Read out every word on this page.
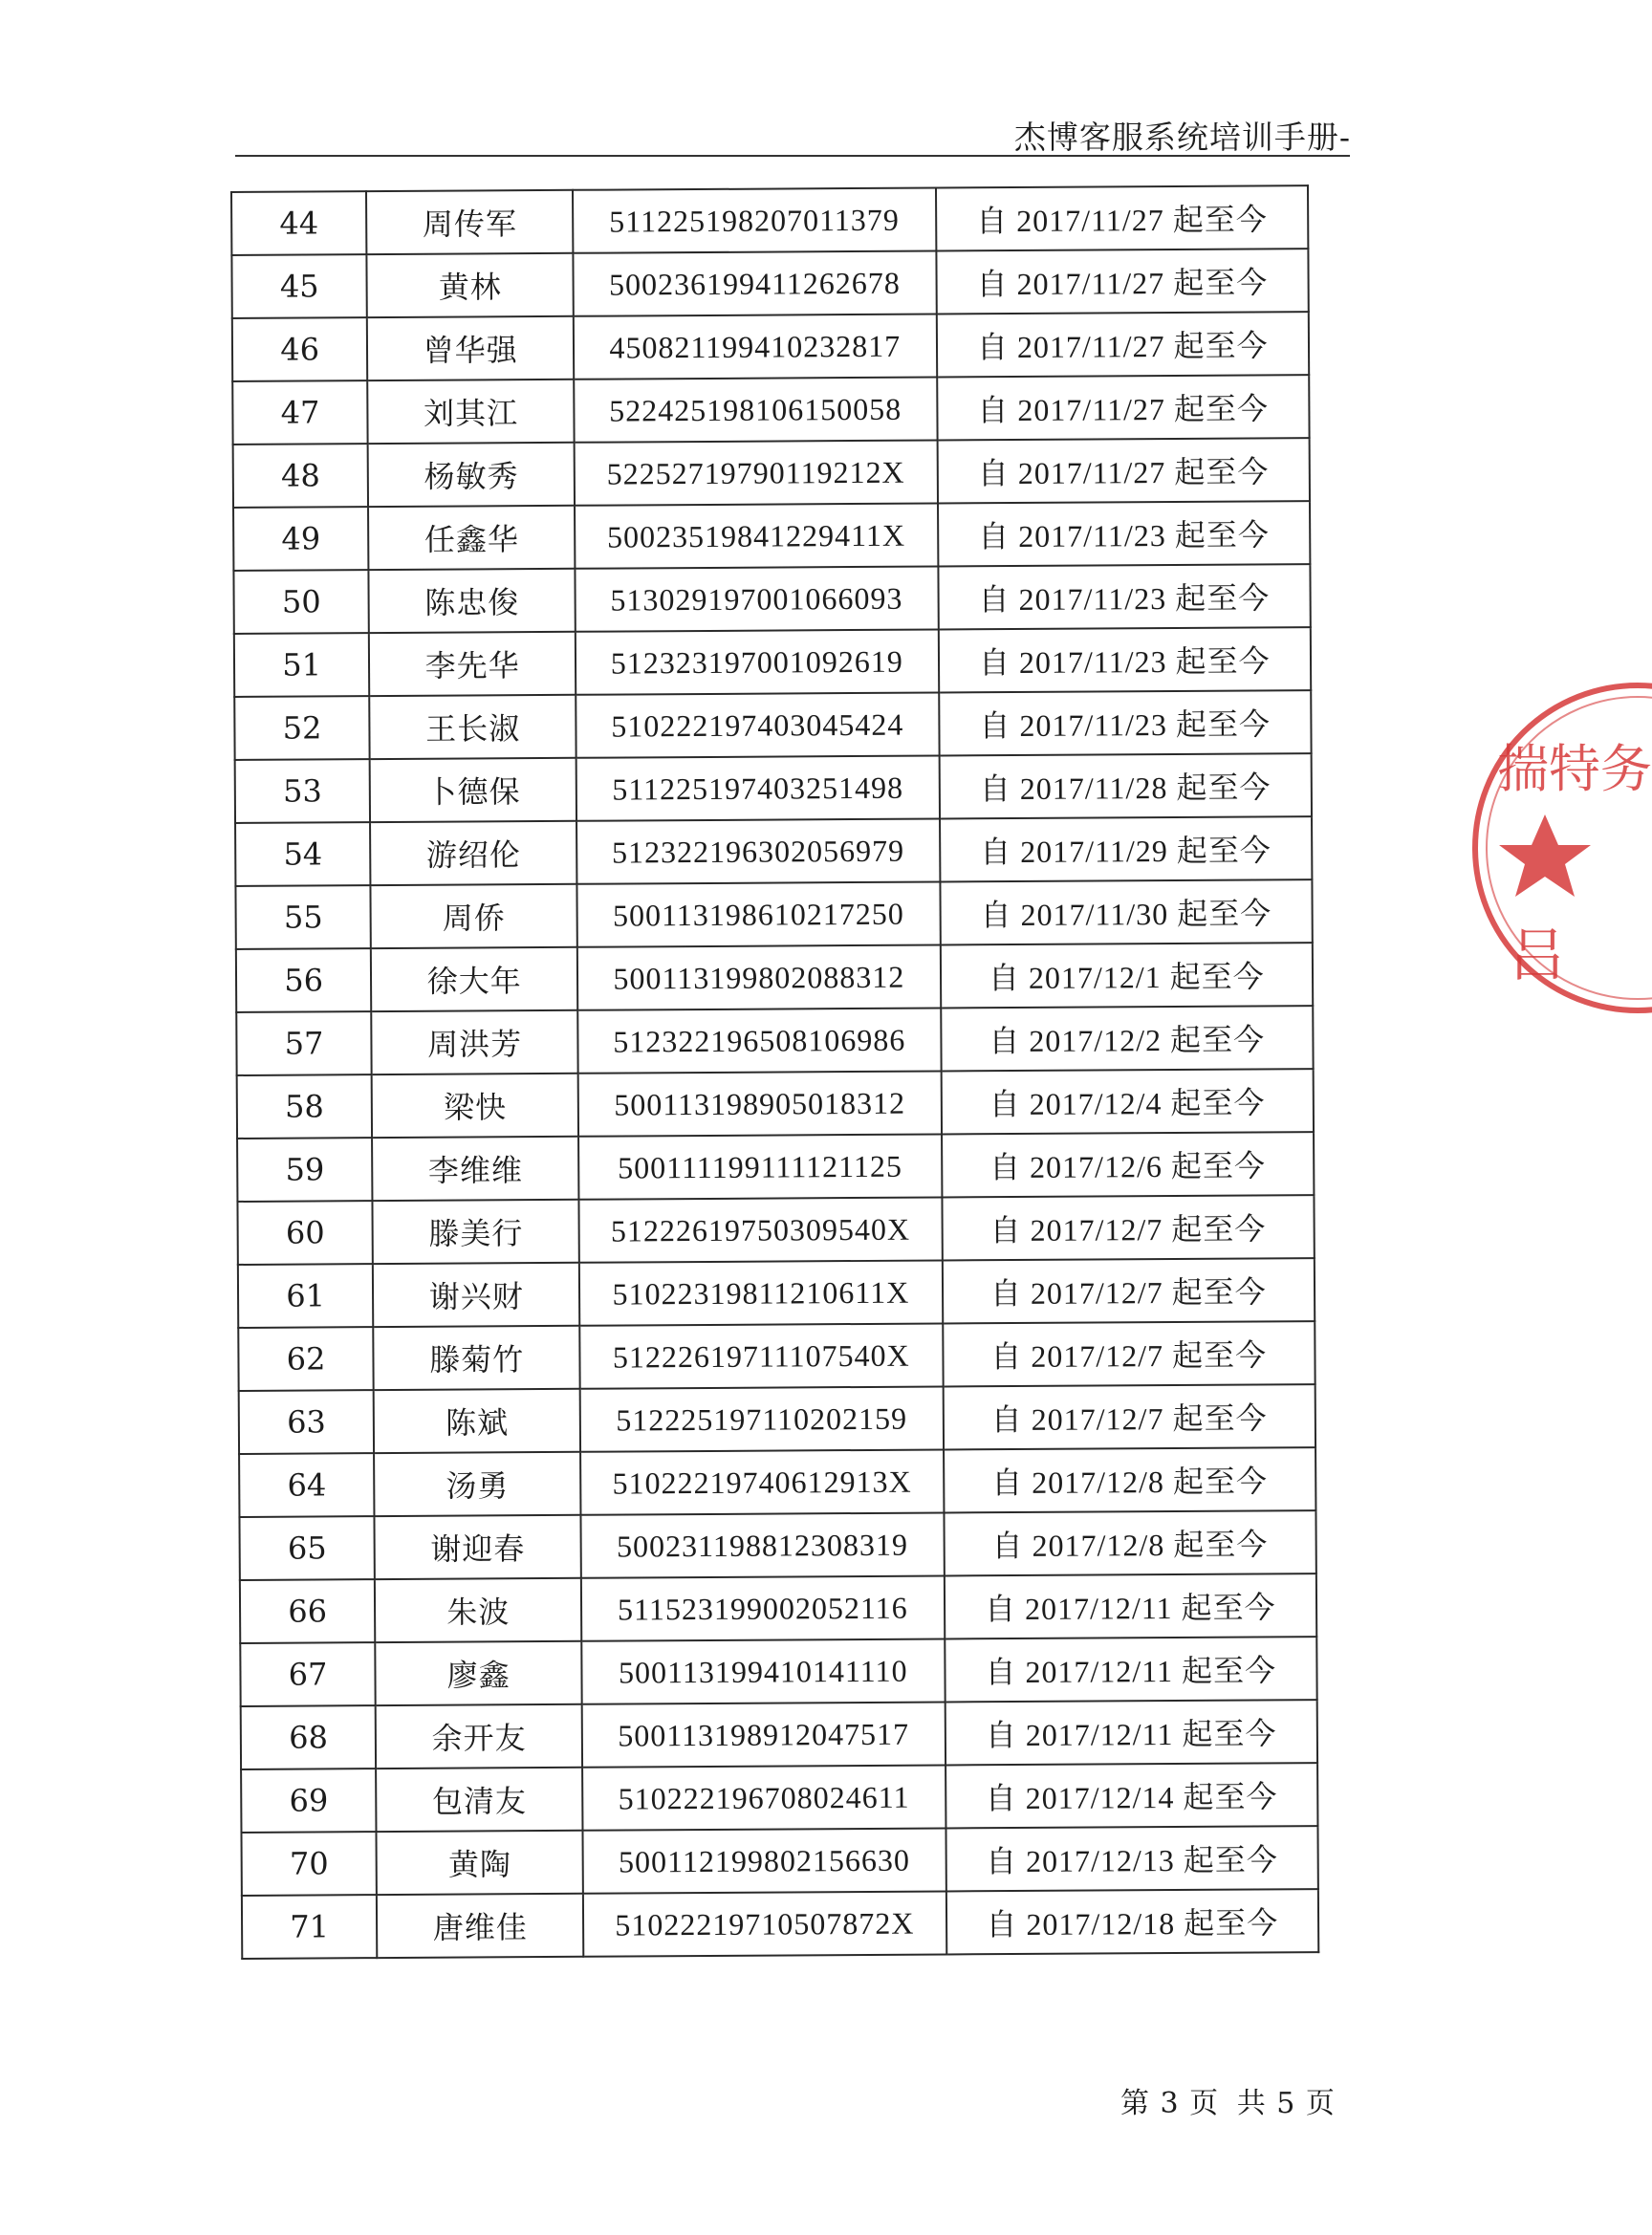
杰博客服系统培训手册-
44	周传军	511225198207011379	自 2017/11/27 起至今
45	黄林	500236199411262678	自 2017/11/27 起至今
46	曾华强	450821199410232817	自 2017/11/27 起至今
47	刘其江	522425198106150058	自 2017/11/27 起至今
48	杨敏秀	52252719790119212X	自 2017/11/27 起至今
49	任鑫华	50023519841229411X	自 2017/11/23 起至今
50	陈忠俊	513029197001066093	自 2017/11/23 起至今
51	李先华	512323197001092619	自 2017/11/23 起至今
52	王长淑	510222197403045424	自 2017/11/23 起至今
53	卜德保	511225197403251498	自 2017/11/28 起至今
54	游绍伦	512322196302056979	自 2017/11/29 起至今
55	周侨	500113198610217250	自 2017/11/30 起至今
56	徐大年	500113199802088312	自 2017/12/1 起至今
57	周洪芳	512322196508106986	自 2017/12/2 起至今
58	梁快	500113198905018312	自 2017/12/4 起至今
59	李维维	500111199111121125	自 2017/12/6 起至今
60	滕美行	51222619750309540X	自 2017/12/7 起至今
61	谢兴财	51022319811210611X	自 2017/12/7 起至今
62	滕菊竹	51222619711107540X	自 2017/12/7 起至今
63	陈斌	512225197110202159	自 2017/12/7 起至今
64	汤勇	51022219740612913X	自 2017/12/8 起至今
65	谢迎春	500231198812308319	自 2017/12/8 起至今
66	朱波	511523199002052116	自 2017/12/11 起至今
67	廖鑫	500113199410141110	自 2017/12/11 起至今
68	余开友	500113198912047517	自 2017/12/11 起至今
69	包清友	510222196708024611	自 2017/12/14 起至今
70	黄陶	500112199802156630	自 2017/12/13 起至今
71	唐维佳	51022219710507872X	自 2017/12/18 起至今
揣特务
吕
第 3 页 共 5 页
